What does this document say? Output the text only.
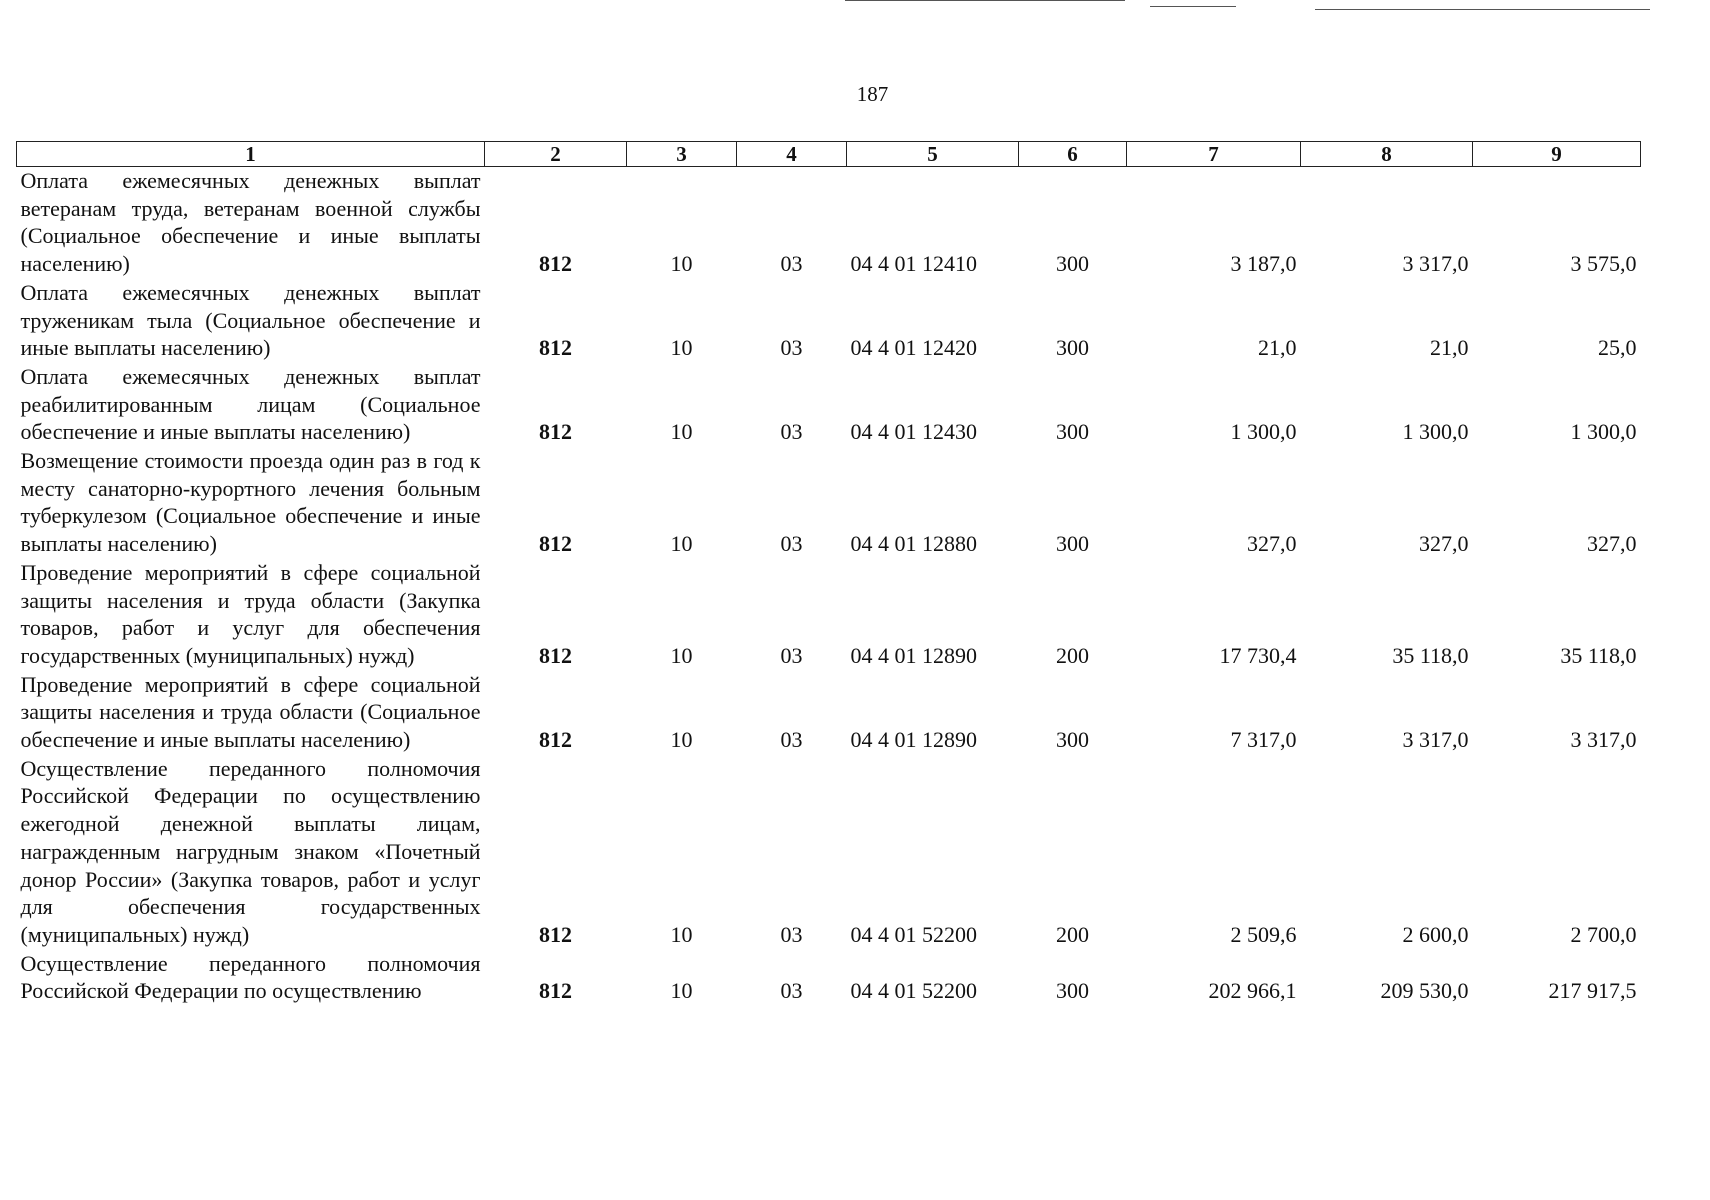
187
1	2	3	4	5	6	7	8	9
Оплата ежемесячных денежных выплат ветеранам труда, ветеранам военной службы (Социальное обеспечение и иные выплаты населению)	812	10	03	04 4 01 12410	300	3 187,0	3 317,0	3 575,0
Оплата ежемесячных денежных выплат труженикам тыла (Социальное обеспечение и иные выплаты населению)	812	10	03	04 4 01 12420	300	21,0	21,0	25,0
Оплата ежемесячных денежных выплат реабилитированным лицам (Социальное обеспечение и иные выплаты населению)	812	10	03	04 4 01 12430	300	1 300,0	1 300,0	1 300,0
Возмещение стоимости проезда один раз в год к месту санаторно-курортного лечения больным туберкулезом (Социальное обеспечение и иные выплаты населению)	812	10	03	04 4 01 12880	300	327,0	327,0	327,0
Проведение мероприятий в сфере социальной защиты населения и труда области (Закупка товаров, работ и услуг для обеспечения государственных (муниципальных) нужд)	812	10	03	04 4 01 12890	200	17 730,4	35 118,0	35 118,0
Проведение мероприятий в сфере социальной защиты населения и труда области (Социальное обеспечение и иные выплаты населению)	812	10	03	04 4 01 12890	300	7 317,0	3 317,0	3 317,0
Осуществление переданного полномочия Российской Федерации по осуществлению ежегодной денежной выплаты лицам, награжденным нагрудным знаком «Почетный донор России» (Закупка товаров, работ и услуг для обеспечения государственных (муниципальных) нужд)	812	10	03	04 4 01 52200	200	2 509,6	2 600,0	2 700,0
Осуществление переданного полномочия Российской Федерации по осуществлению	812	10	03	04 4 01 52200	300	202 966,1	209 530,0	217 917,5
